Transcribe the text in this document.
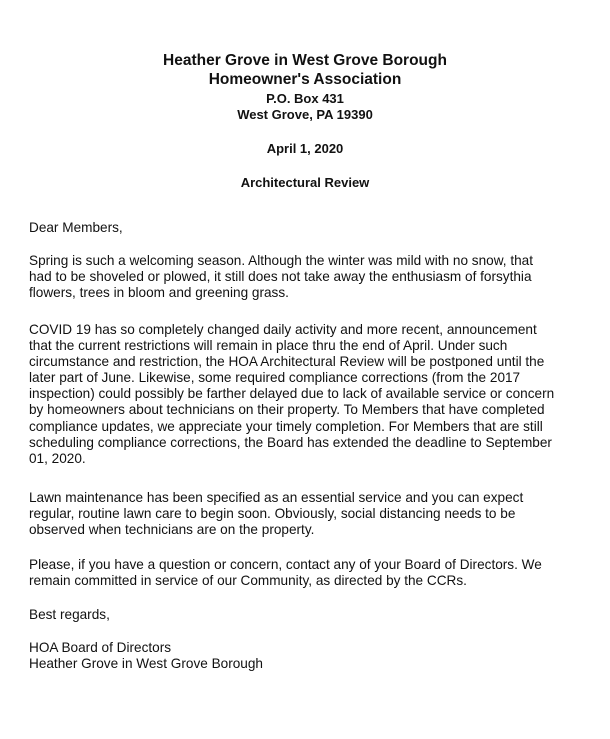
Heather Grove in West Grove Borough
Homeowner's Association
P.O. Box 431
West Grove, PA 19390
April 1, 2020
Architectural Review
Dear Members,
Spring is such a welcoming season. Although the winter was mild with no snow, that
had to be shoveled or plowed, it still does not take away the enthusiasm of forsythia
flowers, trees in bloom and greening grass.
COVID 19 has so completely changed daily activity and more recent, announcement
that the current restrictions will remain in place thru the end of April. Under such
circumstance and restriction, the HOA Architectural Review will be postponed until the
later part of June. Likewise, some required compliance corrections (from the 2017
inspection) could possibly be farther delayed due to lack of available service or concern
by homeowners about technicians on their property. To Members that have completed
compliance updates, we appreciate your timely completion. For Members that are still
scheduling compliance corrections, the Board has extended the deadline to September
01, 2020.
Lawn maintenance has been specified as an essential service and you can expect
regular, routine lawn care to begin soon. Obviously, social distancing needs to be
observed when technicians are on the property.
Please, if you have a question or concern, contact any of your Board of Directors. We
remain committed in service of our Community, as directed by the CCRs.
Best regards,
HOA Board of Directors
Heather Grove in West Grove Borough
